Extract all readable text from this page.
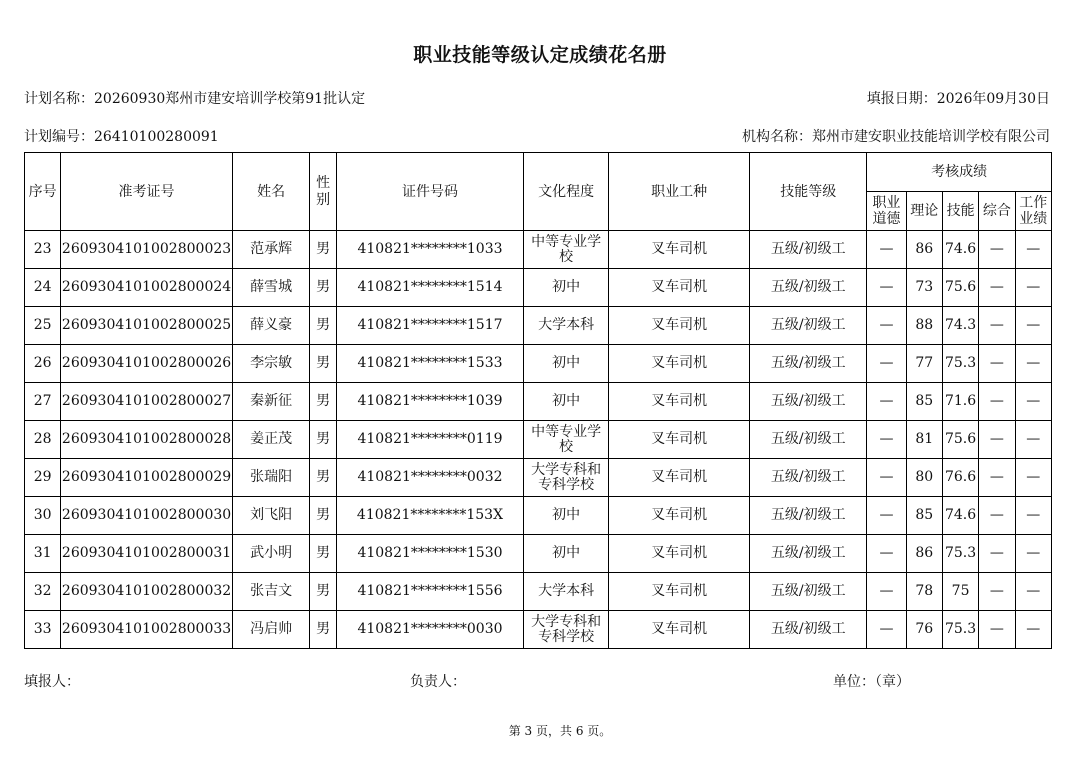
职业技能等级认定成绩花名册
计划名称：20260930郑州市建安培训学校第91批认定	填报日期：2026年09月30日
计划编号：26410100280091	机构名称：郑州市建安职业技能培训学校有限公司
序号	准考证号	姓名	性别	证件号码	文化程度	职业工种	技能等级	考核成绩				

								职业道德	理论	技能	综合	工作业绩

23	2609304101002800023	范承辉	男	410821********1033	中等专业学校	叉车司机	五级/初级工	—	86	74.6	—	—
24	2609304101002800024	薛雪城	男	410821********1514	初中	叉车司机	五级/初级工	—	73	75.6	—	—
25	2609304101002800025	薛义豪	男	410821********1517	大学本科	叉车司机	五级/初级工	—	88	74.3	—	—
26	2609304101002800026	李宗敏	男	410821********1533	初中	叉车司机	五级/初级工	—	77	75.3	—	—
27	2609304101002800027	秦新征	男	410821********1039	初中	叉车司机	五级/初级工	—	85	71.6	—	—
28	2609304101002800028	姜正茂	男	410821********0119	中等专业学校	叉车司机	五级/初级工	—	81	75.6	—	—
29	2609304101002800029	张瑞阳	男	410821********0032	大学专科和专科学校	叉车司机	五级/初级工	—	80	76.6	—	—
30	2609304101002800030	刘飞阳	男	410821********153X	初中	叉车司机	五级/初级工	—	85	74.6	—	—
31	2609304101002800031	武小明	男	410821********1530	初中	叉车司机	五级/初级工	—	86	75.3	—	—
32	2609304101002800032	张吉文	男	410821********1556	大学本科	叉车司机	五级/初级工	—	78	75	—	—
33	2609304101002800033	冯启帅	男	410821********0030	大学专科和专科学校	叉车司机	五级/初级工	—	76	75.3	—	—
填报人：	负责人：	单位：（章）
第 3 页，共 6 页。
